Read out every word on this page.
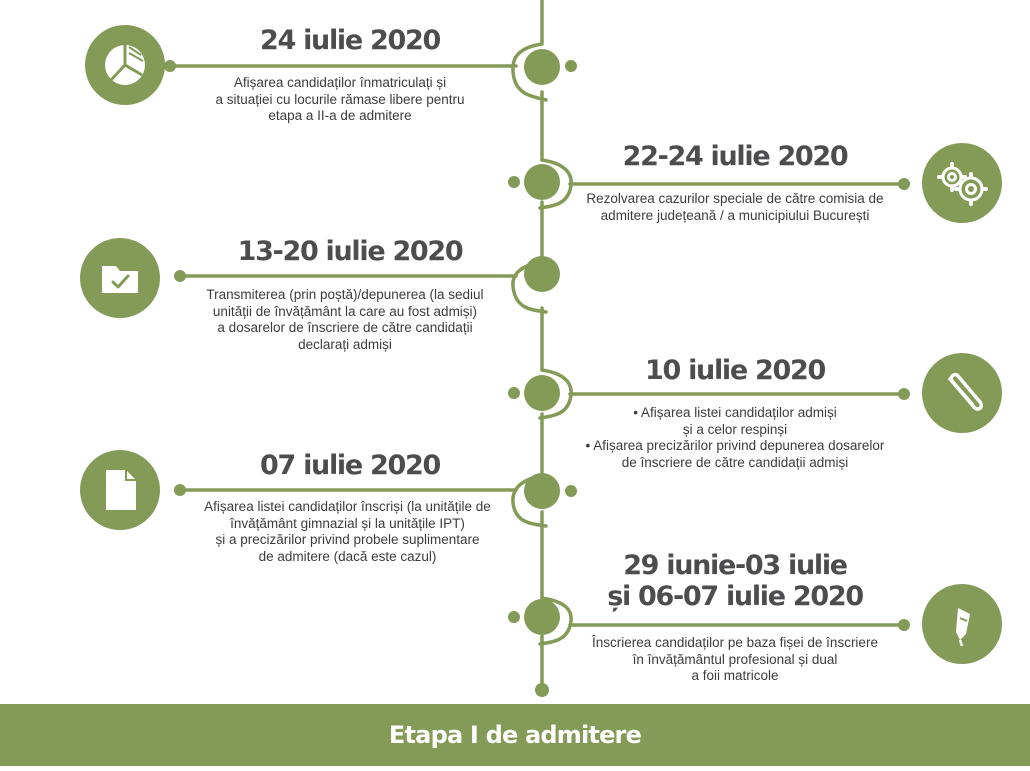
24 iulie 2020
Afișarea candidaților înmatriculați și
a situației cu locurile rămase libere pentru
etapa a II-a de admitere
22-24 iulie 2020
Rezolvarea cazurilor speciale de către comisia de
admitere județeană / a municipiului București
13-20 iulie 2020
Transmiterea (prin poștă)/depunerea (la sediul
unității de învățământ la care au fost admiși)
a dosarelor de înscriere de către candidații
declarați admiși
10 iulie 2020
• Afișarea listei candidaților admiși
și a celor respinși
• Afișarea precizărilor privind depunerea dosarelor
de înscriere de către candidații admiși
07 iulie 2020
Afișarea listei candidaților înscriși (la unitățile de
învățământ gimnazial și la unitățile IPT)
și a precizărilor privind probele suplimentare
de admitere (dacă este cazul)	29 iunie-03 iulie
și 06-07 iulie 2020
Înscrierea candidaților pe baza fișei de înscriere
în învățământul profesional și dual
a foii matricole
Etapa I de admitere
